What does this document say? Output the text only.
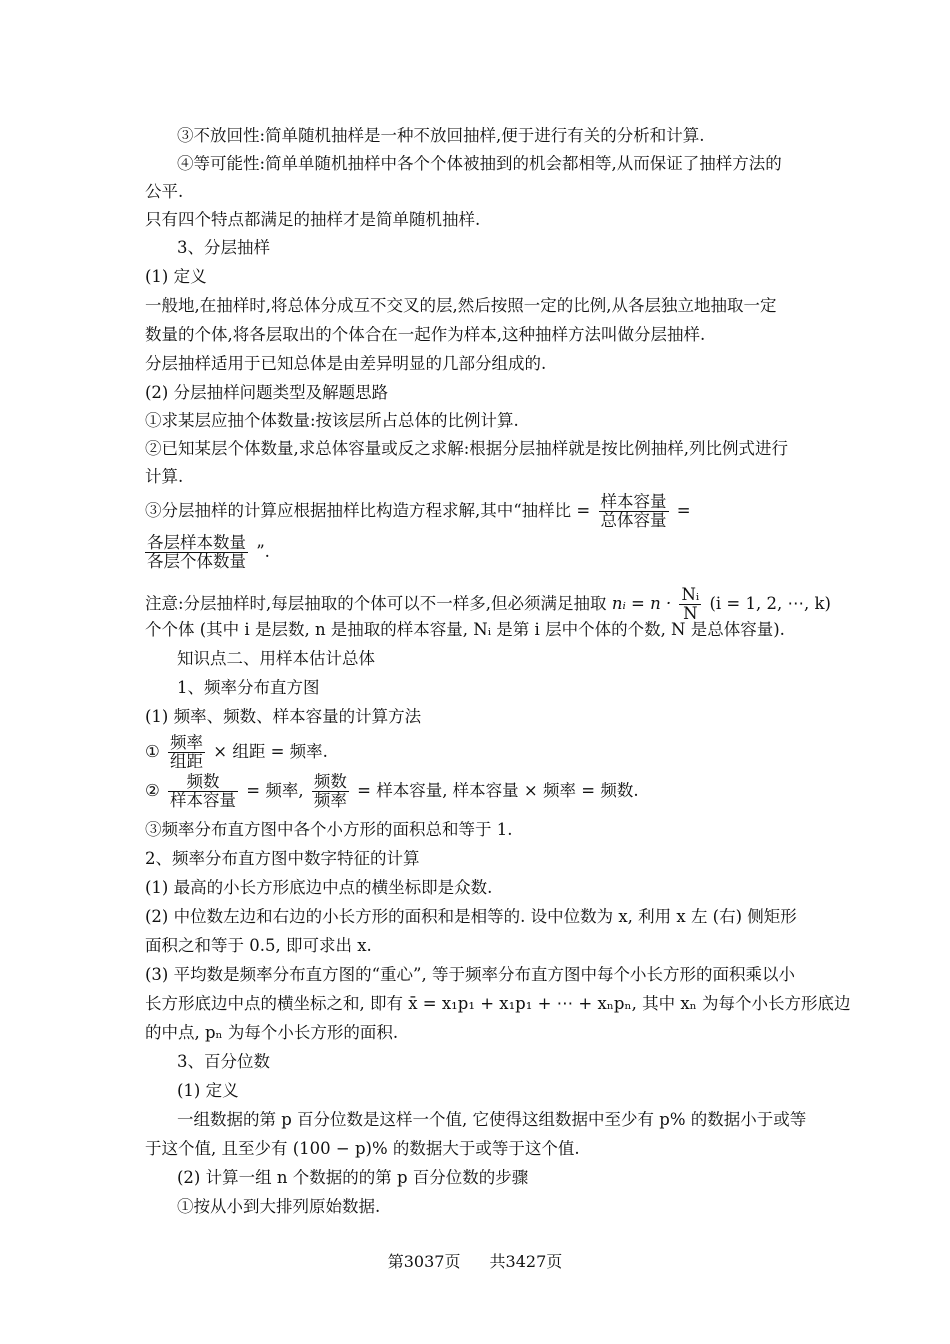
③不放回性:简单随机抽样是一种不放回抽样,便于进行有关的分析和计算.
④等可能性:简单单随机抽样中各个个体被抽到的机会都相等,从而保证了抽样方法的
公平.
只有四个特点都满足的抽样才是简单随机抽样.
3、分层抽样
(1) 定义
一般地,在抽样时,将总体分成互不交叉的层,然后按照一定的比例,从各层独立地抽取一定
数量的个体,将各层取出的个体合在一起作为样本,这种抽样方法叫做分层抽样.
分层抽样适用于已知总体是由差异明显的几部分组成的.
(2) 分层抽样问题类型及解题思路
①求某层应抽个体数量:按该层所占总体的比例计算.
②已知某层个体数量,求总体容量或反之求解:根据分层抽样就是按比例抽样,列比例式进行
计算.
③分层抽样的计算应根据抽样比构造方程求解,其中“抽样比 = $\frac{\text{样本容量}}{\text{总体容量}}$ =
$\frac{\text{各层样本数量}}{\text{各层个体数量}}$ ”.
注意:分层抽样时,每层抽取的个体可以不一样多,但必须满足抽取 nᵢ = $n \cdot \frac{\text{Nᵢ}}{N} (i = 1$, 2, ⋯, k)
个个体 (其中 i 是层数, n 是抽取的样本容量, Nᵢ 是第 i 层中个体的个数, N 是总体容量).
知识点二、用样本估计总体
1、频率分布直方图
(1) 频率、频数、样本容量的计算方法
① $\frac{\text{频率}}{\text{组距}}$ × 组距 = 频率.
② $\frac{\text{频数}}{\text{样本容量}}$ = 频率, $\frac{\text{频数}}{\text{频率}}$ = 样本容量, 样本容量 × 频率 = 频数.
③频率分布直方图中各个小方形的面积总和等于 1.
2、频率分布直方图中数字特征的计算
(1) 最高的小长方形底边中点的横坐标即是众数.
(2) 中位数左边和右边的小长方形的面积和是相等的. 设中位数为 x, 利用 x 左 (右) 侧矩形
面积之和等于 0.5, 即可求出 x.
(3) 平均数是频率分布直方图的“重心”, 等于频率分布直方图中每个小长方形的面积乘以小
长方形底边中点的横坐标之和, 即有 x̄ = x₁p₁ + x₁p₁ + ⋯ + xₙpₙ, 其中 xₙ 为每个小长方形底边
的中点, pₙ 为每个小长方形的面积.
3、百分位数
(1) 定义
一组数据的第 p 百分位数是这样一个值, 它使得这组数据中至少有 p% 的数据小于或等
于这个值, 且至少有 (100 − p)% 的数据大于或等于这个值.
(2) 计算一组 n 个数据的的第 p 百分位数的步骤
①按从小到大排列原始数据.
第3037页 共3427页
